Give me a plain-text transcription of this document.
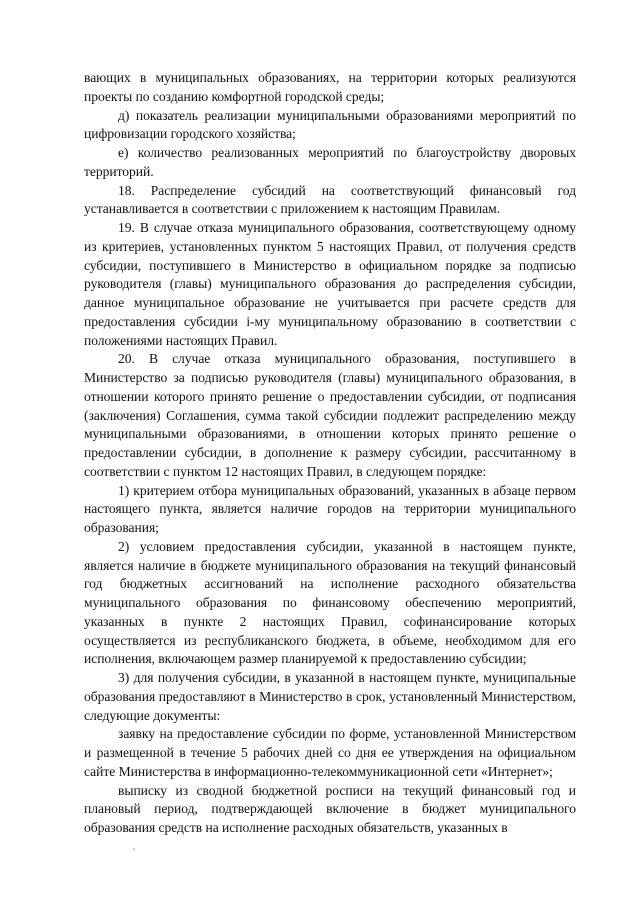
вающих в муниципальных образованиях, на территории которых реализуются проекты по созданию комфортной городской среды;

д) показатель реализации муниципальными образованиями мероприятий по цифровизации городского хозяйства;

е) количество реализованных мероприятий по благоустройству дворовых территорий.

18. Распределение субсидий на соответствующий финансовый год устанавливается в соответствии с приложением к настоящим Правилам.

19. В случае отказа муниципального образования, соответствующему одному из критериев, установленных пунктом 5 настоящих Правил, от получения средств субсидии, поступившего в Министерство в официальном порядке за подписью руководителя (главы) муниципального образования до распределения субсидии, данное муниципальное образование не учитывается при расчете средств для предоставления субсидии i-му муниципальному образованию в соответствии с положениями настоящих Правил.

20. В случае отказа муниципального образования, поступившего в Министерство за подписью руководителя (главы) муниципального образования, в отношении которого принято решение о предоставлении субсидии, от подписания (заключения) Соглашения, сумма такой субсидии подлежит распределению между муниципальными образованиями, в отношении которых принято решение о предоставлении субсидии, в дополнение к размеру субсидии, рассчитанному в соответствии с пунктом 12 настоящих Правил, в следующем порядке:

1) критерием отбора муниципальных образований, указанных в абзаце первом настоящего пункта, является наличие городов на территории муниципального образования;

2) условием предоставления субсидии, указанной в настоящем пункте, является наличие в бюджете муниципального образования на текущий финансовый год бюджетных ассигнований на исполнение расходного обязательства муниципального образования по финансовому обеспечению мероприятий, указанных в пункте 2 настоящих Правил, софинансирование которых осуществляется из республиканского бюджета, в объеме, необходимом для его исполнения, включающем размер планируемой к предоставлению субсидии;

3) для получения субсидии, в указанной в настоящем пункте, муниципальные образования предоставляют в Министерство в срок, установленный Министерством, следующие документы:

заявку на предоставление субсидии по форме, установленной Министерством и размещенной в течение 5 рабочих дней со дня ее утверждения на официальном сайте Министерства в информационно-телекоммуникационной сети «Интернет»;

выписку из сводной бюджетной росписи на текущий финансовый год и плановый период, подтверждающей включение в бюджет муниципального образования средств на исполнение расходных обязательств, указанных в
